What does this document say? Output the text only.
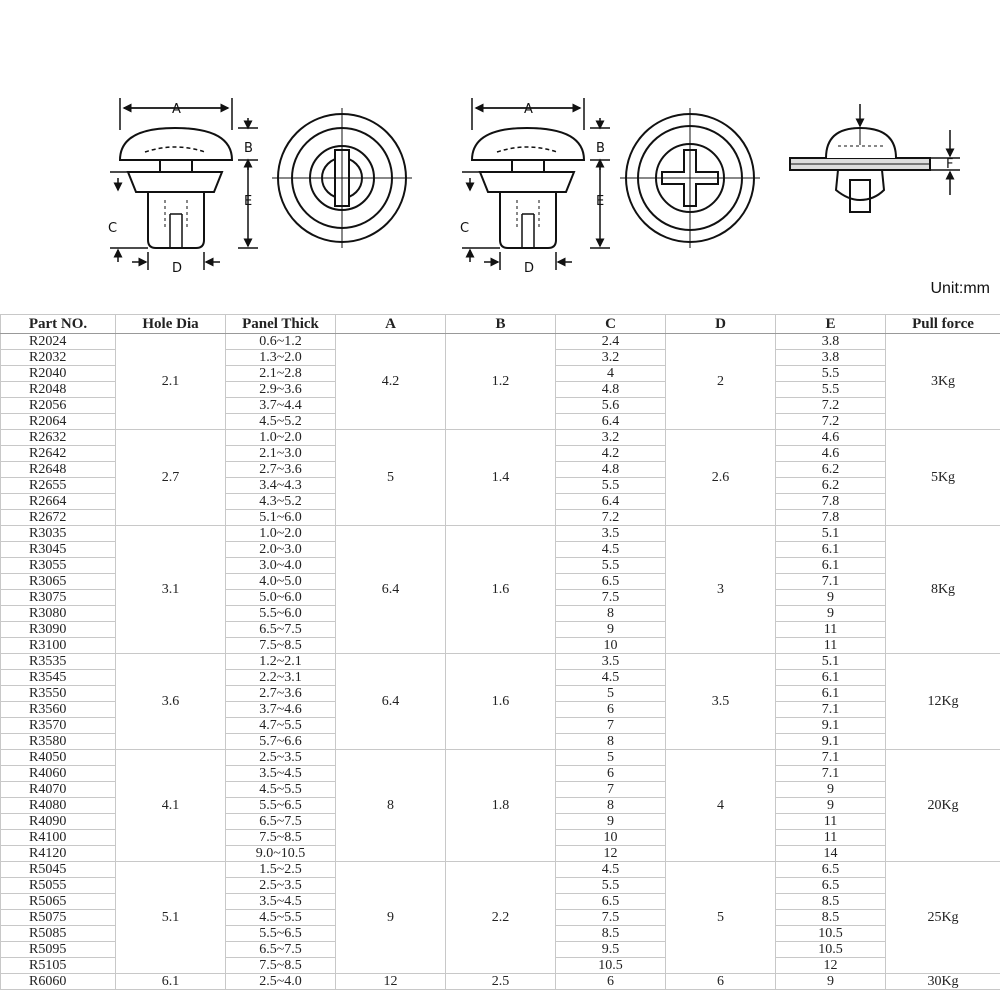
A
B
E
C
D
A
B
E
C
D
F
Unit:mm
Part NO.	Hole Dia	Panel Thick	A	B	C	D	E	Pull force
R2024	2.1	0.6~1.2	4.2	1.2	2.4	2	3.8	3Kg
R2032		1.3~2.0			3.2		3.8	
R2040		2.1~2.8			4		5.5	
R2048		2.9~3.6			4.8		5.5	
R2056		3.7~4.4			5.6		7.2	
R2064		4.5~5.2			6.4		7.2	
R2632	2.7	1.0~2.0	5	1.4	3.2	2.6	4.6	5Kg
R2642		2.1~3.0			4.2		4.6	
R2648		2.7~3.6			4.8		6.2	
R2655		3.4~4.3			5.5		6.2	
R2664		4.3~5.2			6.4		7.8	
R2672		5.1~6.0			7.2		7.8	
R3035	3.1	1.0~2.0	6.4	1.6	3.5	3	5.1	8Kg
R3045		2.0~3.0			4.5		6.1	
R3055		3.0~4.0			5.5		6.1	
R3065		4.0~5.0			6.5		7.1	
R3075		5.0~6.0			7.5		9	
R3080		5.5~6.0			8		9	
R3090		6.5~7.5			9		11	
R3100		7.5~8.5			10		11	
R3535	3.6	1.2~2.1	6.4	1.6	3.5	3.5	5.1	12Kg
R3545		2.2~3.1			4.5		6.1	
R3550		2.7~3.6			5		6.1	
R3560		3.7~4.6			6		7.1	
R3570		4.7~5.5			7		9.1	
R3580		5.7~6.6			8		9.1	
R4050	4.1	2.5~3.5	8	1.8	5	4	7.1	20Kg
R4060		3.5~4.5			6		7.1	
R4070		4.5~5.5			7		9	
R4080		5.5~6.5			8		9	
R4090		6.5~7.5			9		11	
R4100		7.5~8.5			10		11	
R4120		9.0~10.5			12		14	
R5045	5.1	1.5~2.5	9	2.2	4.5	5	6.5	25Kg
R5055		2.5~3.5			5.5		6.5	
R5065		3.5~4.5			6.5		8.5	
R5075		4.5~5.5			7.5		8.5	
R5085		5.5~6.5			8.5		10.5	
R5095		6.5~7.5			9.5		10.5	
R5105		7.5~8.5			10.5		12	
R6060	6.1	2.5~4.0	12	2.5	6	6	9	30Kg
